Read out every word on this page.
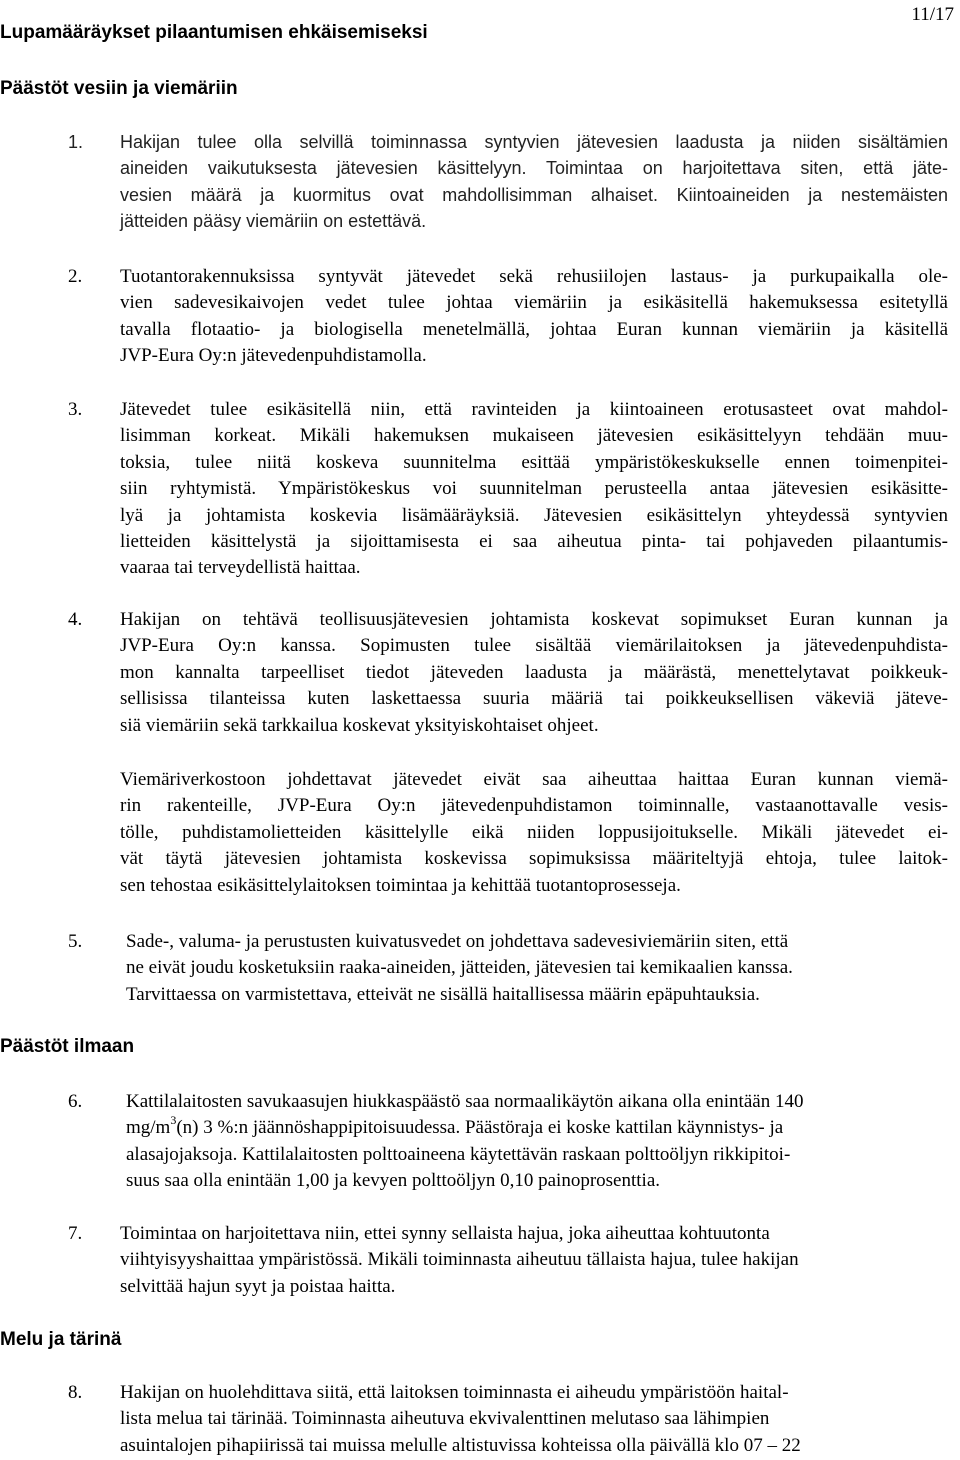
Lupamääräykset pilaantumisen ehkäisemiseksi
11/17
Päästöt vesiin ja viemäriin
1. Hakijan tulee olla selvillä toiminnassa syntyvien jätevesien laadusta ja niiden sisältämien
aineiden vaikutuksesta jätevesien käsittelyyn. Toimintaa on harjoitettava siten, että jäte-
vesien määrä ja kuormitus ovat mahdollisimman alhaiset. Kiintoaineiden ja nestemäisten
jätteiden pääsy viemäriin on estettävä.
2. Tuotantorakennuksissa syntyvät jätevedet sekä rehusiilojen lastaus- ja purkupaikalla ole-
vien sadevesikaivojen vedet tulee johtaa viemäriin ja esikäsitellä hakemuksessa esitetyllä
tavalla flotaatio- ja biologisella menetelmällä, johtaa Euran kunnan viemäriin ja käsitellä
JVP-Eura Oy:n jätevedenpuhdistamolla.
3. Jätevedet tulee esikäsitellä niin, että ravinteiden ja kiintoaineen erotusasteet ovat mahdol-
lisimman korkeat. Mikäli hakemuksen mukaiseen jätevesien esikäsittelyyn tehdään muu-
toksia, tulee niitä koskeva suunnitelma esittää ympäristökeskukselle ennen toimenpitei-
siin ryhtymistä. Ympäristökeskus voi suunnitelman perusteella antaa jätevesien esikäsitte-
lyä ja johtamista koskevia lisämääräyksiä. Jätevesien esikäsittelyn yhteydessä syntyvien
lietteiden käsittelystä ja sijoittamisesta ei saa aiheutua pinta- tai pohjaveden pilaantumis-
vaaraa tai terveydellistä haittaa.
4. Hakijan on tehtävä teollisuusjätevesien johtamista koskevat sopimukset Euran kunnan ja
JVP-Eura Oy:n kanssa. Sopimusten tulee sisältää viemärilaitoksen ja jätevedenpuhdista-
mon kannalta tarpeelliset tiedot jäteveden laadusta ja määrästä, menettelytavat poikkeuk-
sellisissa tilanteissa kuten laskettaessa suuria määriä tai poikkeuksellisen väkeviä jäteve-
siä viemäriin sekä tarkkailua koskevat yksityiskohtaiset ohjeet.
Viemäriverkostoon johdettavat jätevedet eivät saa aiheuttaa haittaa Euran kunnan viemä-
rin rakenteille, JVP-Eura Oy:n jätevedenpuhdistamon toiminnalle, vastaanottavalle vesis-
tölle, puhdistamolietteiden käsittelylle eikä niiden loppusijoitukselle. Mikäli jätevedet ei-
vät täytä jätevesien johtamista koskevissa sopimuksissa määriteltyjä ehtoja, tulee laitok-
sen tehostaa esikäsittelylaitoksen toimintaa ja kehittää tuotantoprosesseja.
5. Sade-, valuma- ja perustusten kuivatusvedet on johdettava sadevesiviemäriin siten, että
ne eivät joudu kosketuksiin raaka-aineiden, jätteiden, jätevesien tai kemikaalien kanssa.
Tarvittaessa on varmistettava, etteivät ne sisällä haitallisessa määrin epäpuhtauksia.
Päästöt ilmaan
6. Kattilalaitosten savukaasujen hiukkaspäästö saa normaalikäytön aikana olla enintään 140
$mg/m^3(n)$ 3 %:n jäännöshappipitoisuudessa. Päästöraja ei koske kattilan käynnistys- ja
alasajojaksoja. Kattilalaitosten polttoaineena käytettävän raskaan polttoöljyn rikkipitoi-
suus saa olla enintään 1,00 ja kevyen polttoöljyn 0,10 painoprosenttia.
7. Toimintaa on harjoitettava niin, ettei synny sellaista hajua, joka aiheuttaa kohtuutonta
viihtyisyyshaittaa ympäristössä. Mikäli toiminnasta aiheutuu tällaista hajua, tulee hakijan
selvittää hajun syyt ja poistaa haitta.
Melu ja tärinä
8. Hakijan on huolehdittava siitä, että laitoksen toiminnasta ei aiheudu ympäristöön haital-
lista melua tai tärinää. Toiminnasta aiheutuva ekvivalenttinen melutaso saa lähimpien
asuintalojen pihapiirissä tai muissa melulle altistuvissa kohteissa olla päivällä klo 07 – 22
